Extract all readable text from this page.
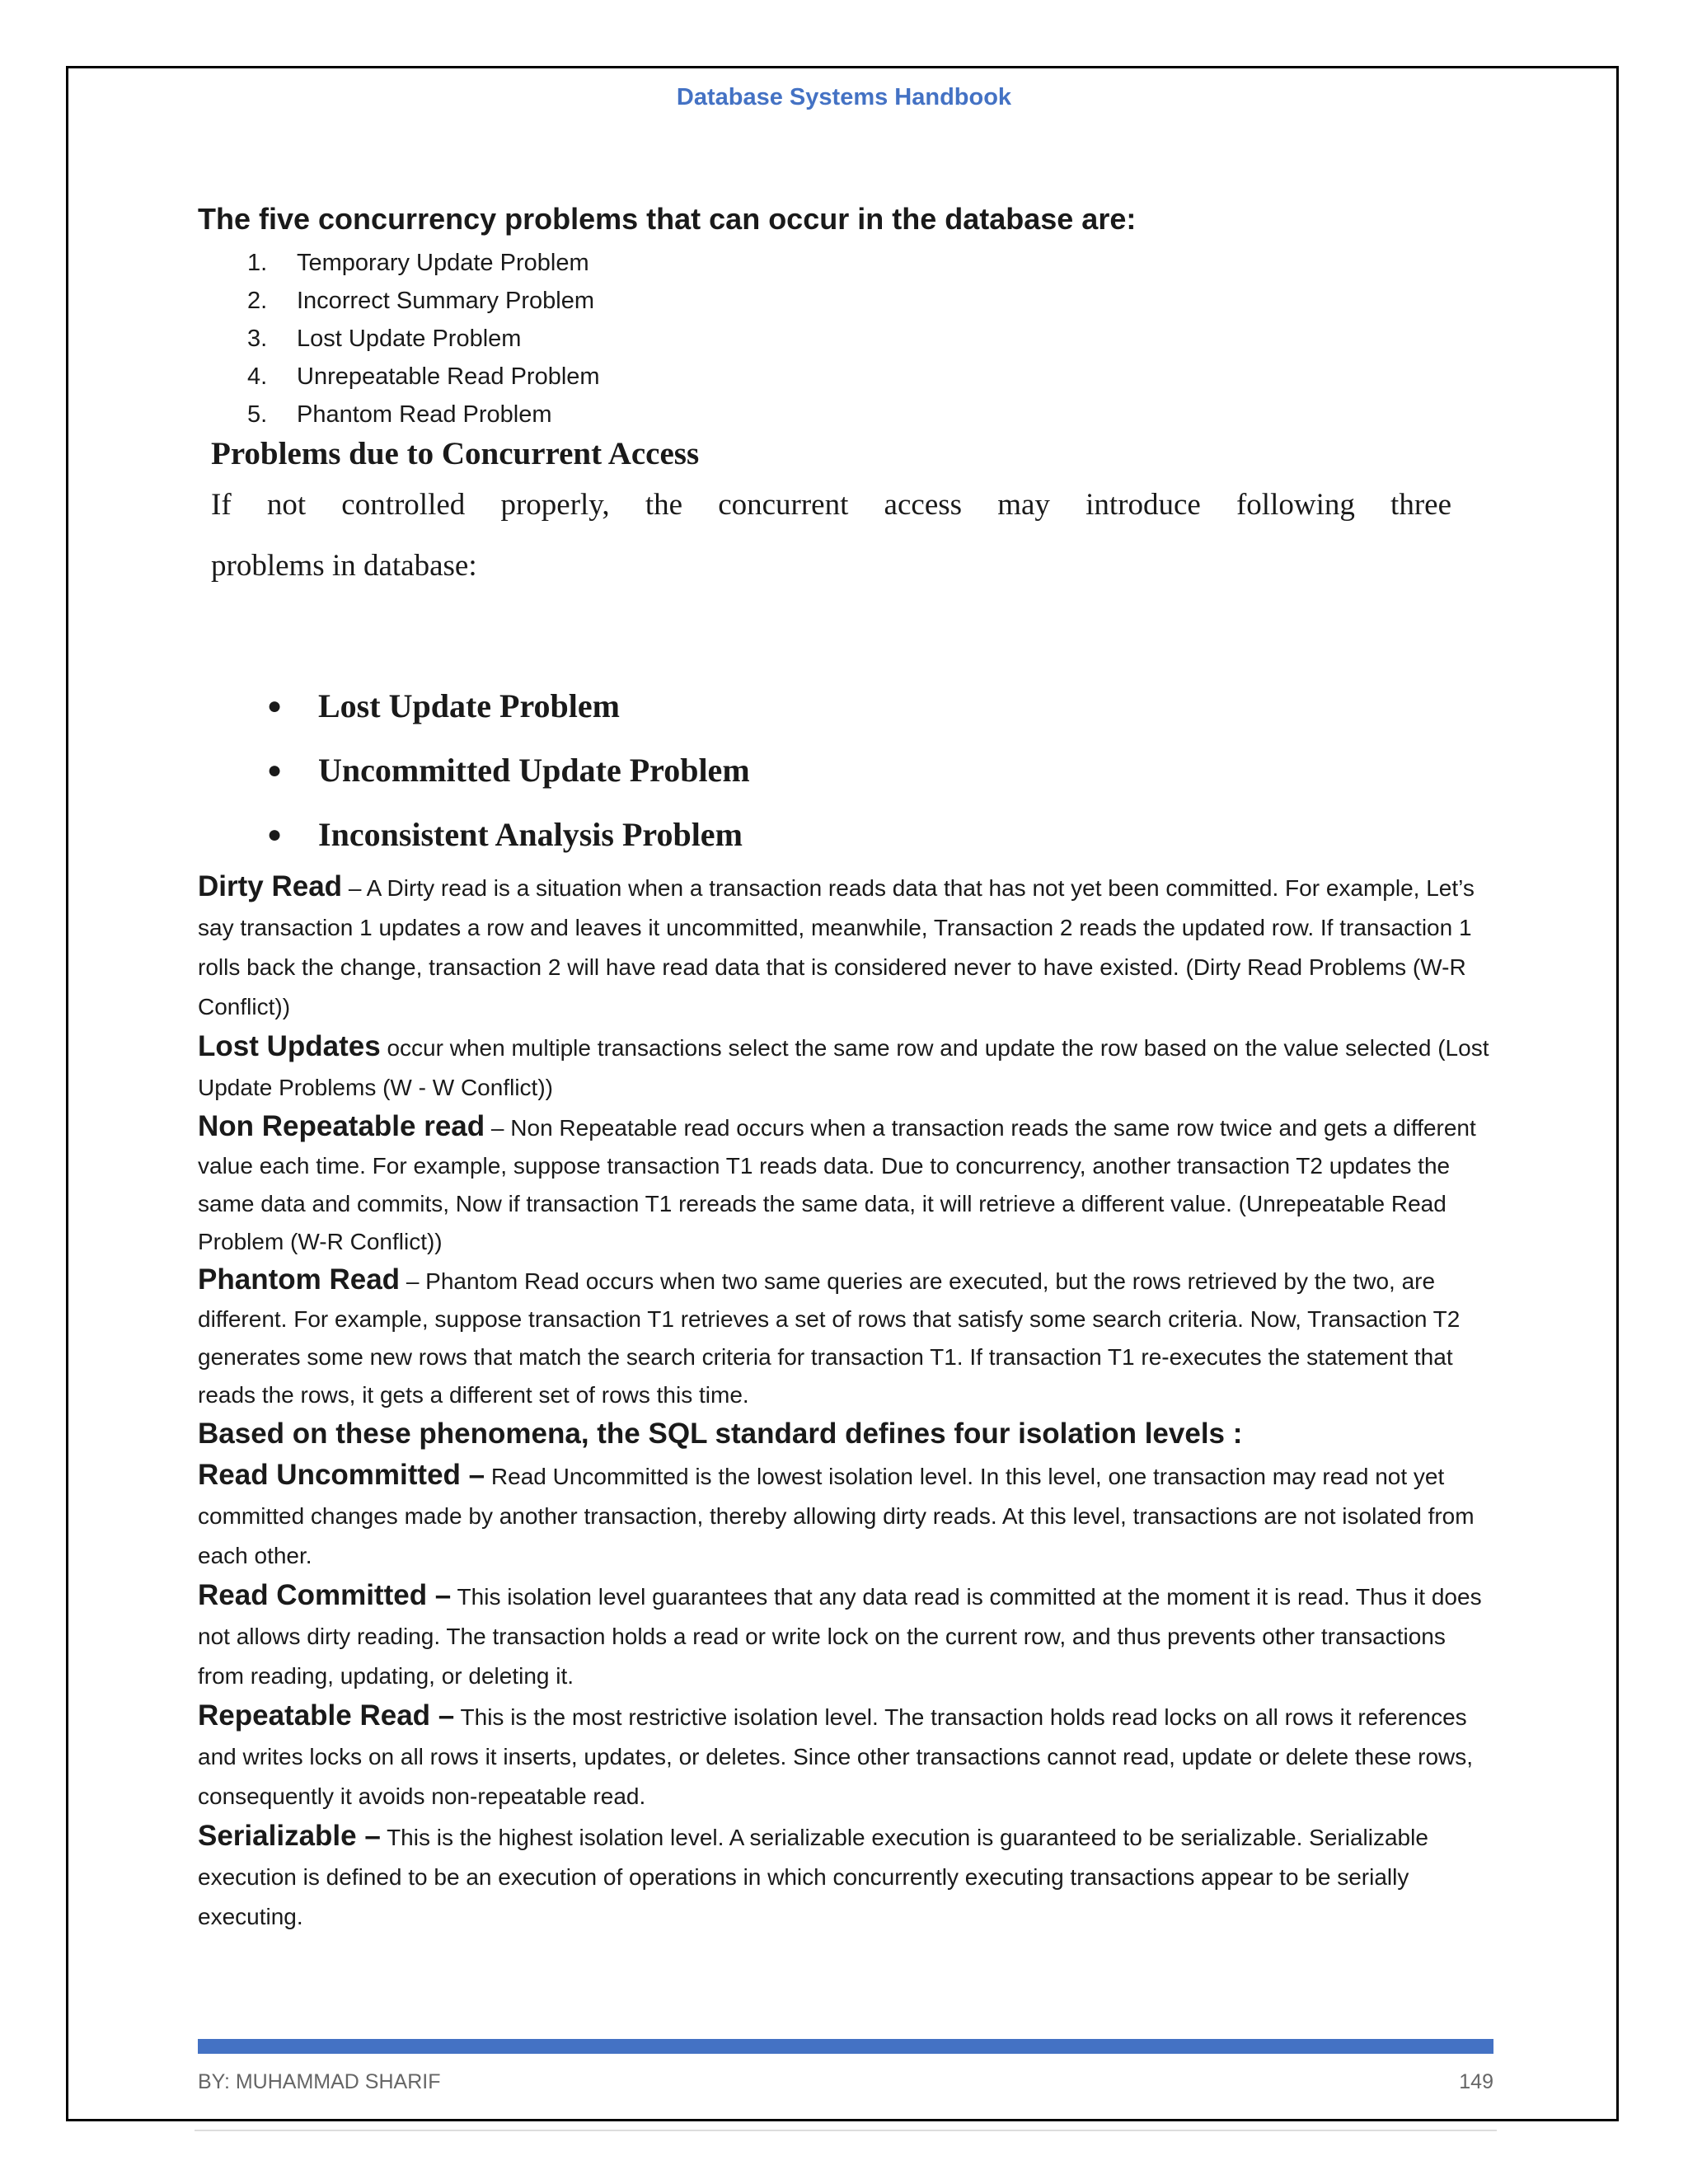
Database Systems Handbook
The five concurrency problems that can occur in the database are:
1.	Temporary Update Problem
2.	Incorrect Summary Problem
3.	Lost Update Problem
4.	Unrepeatable Read Problem
5.	Phantom Read Problem
Problems due to Concurrent Access

If not controlled properly, the concurrent access may introduce following three

problems in database:

● Lost Update Problem
● Uncommitted Update Problem
● Inconsistent Analysis Problem

Dirty Read – A Dirty read is a situation when a transaction reads data that has not yet been committed. For example, Let’s say transaction 1 updates a row and leaves it uncommitted, meanwhile, Transaction 2 reads the updated row. If transaction 1 rolls back the change, transaction 2 will have read data that is considered never to have existed. (Dirty Read Problems (W-R Conflict))

Lost Updates occur when multiple transactions select the same row and update the row based on the value selected (Lost Update Problems (W - W Conflict))

Non Repeatable read – Non Repeatable read occurs when a transaction reads the same row twice and gets a different value each time. For example, suppose transaction T1 reads data. Due to concurrency, another transaction T2 updates the same data and commits, Now if transaction T1 rereads the same data, it will retrieve a different value. (Unrepeatable Read Problem (W-R Conflict))

Phantom Read – Phantom Read occurs when two same queries are executed, but the rows retrieved by the two, are different. For example, suppose transaction T1 retrieves a set of rows that satisfy some search criteria. Now, Transaction T2 generates some new rows that match the search criteria for transaction T1. If transaction T1 re-executes the statement that reads the rows, it gets a different set of rows this time.

Based on these phenomena, the SQL standard defines four isolation levels :

Read Uncommitted – Read Uncommitted is the lowest isolation level. In this level, one transaction may read not yet committed changes made by another transaction, thereby allowing dirty reads. At this level, transactions are not isolated from each other.

Read Committed – This isolation level guarantees that any data read is committed at the moment it is read. Thus it does not allows dirty reading. The transaction holds a read or write lock on the current row, and thus prevents other transactions from reading, updating, or deleting it.

Repeatable Read – This is the most restrictive isolation level. The transaction holds read locks on all rows it references and writes locks on all rows it inserts, updates, or deletes. Since other transactions cannot read, update or delete these rows, consequently it avoids non-repeatable read.

Serializable – This is the highest isolation level. A serializable execution is guaranteed to be serializable. Serializable execution is defined to be an execution of operations in which concurrently executing transactions appear to be serially executing.

BY: MUHAMMAD SHARIF	149
